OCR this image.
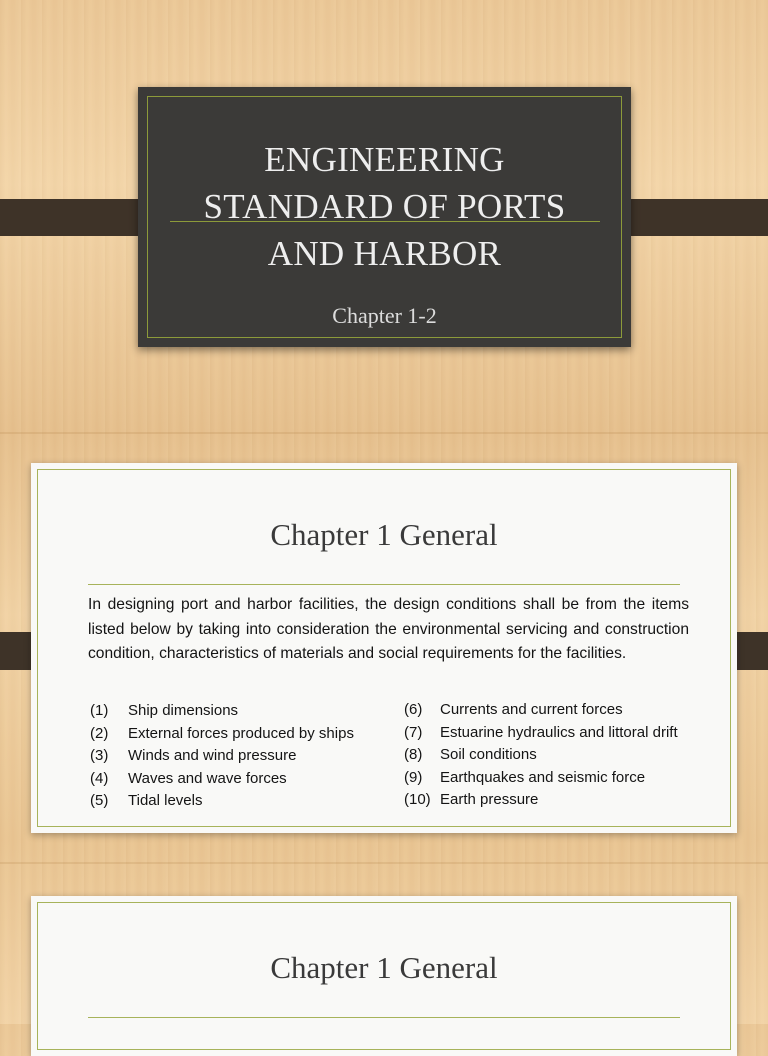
ENGINEERING
STANDARD OF PORTS
AND HARBOR
Chapter 1-2
Chapter 1 General
In designing port and harbor facilities, the design conditions shall be from the items listed below by taking into consideration the environmental servicing and construction condition, characteristics of materials and social requirements for the facilities.
(1) Ship dimensions
(2) External forces produced by ships
(3) Winds and wind pressure
(4) Waves and wave forces
(5) Tidal levels
(6) Currents and current forces
(7) Estuarine hydraulics and littoral drift
(8) Soil conditions
(9) Earthquakes and seismic force
(10) Earth pressure
Chapter 1 General
